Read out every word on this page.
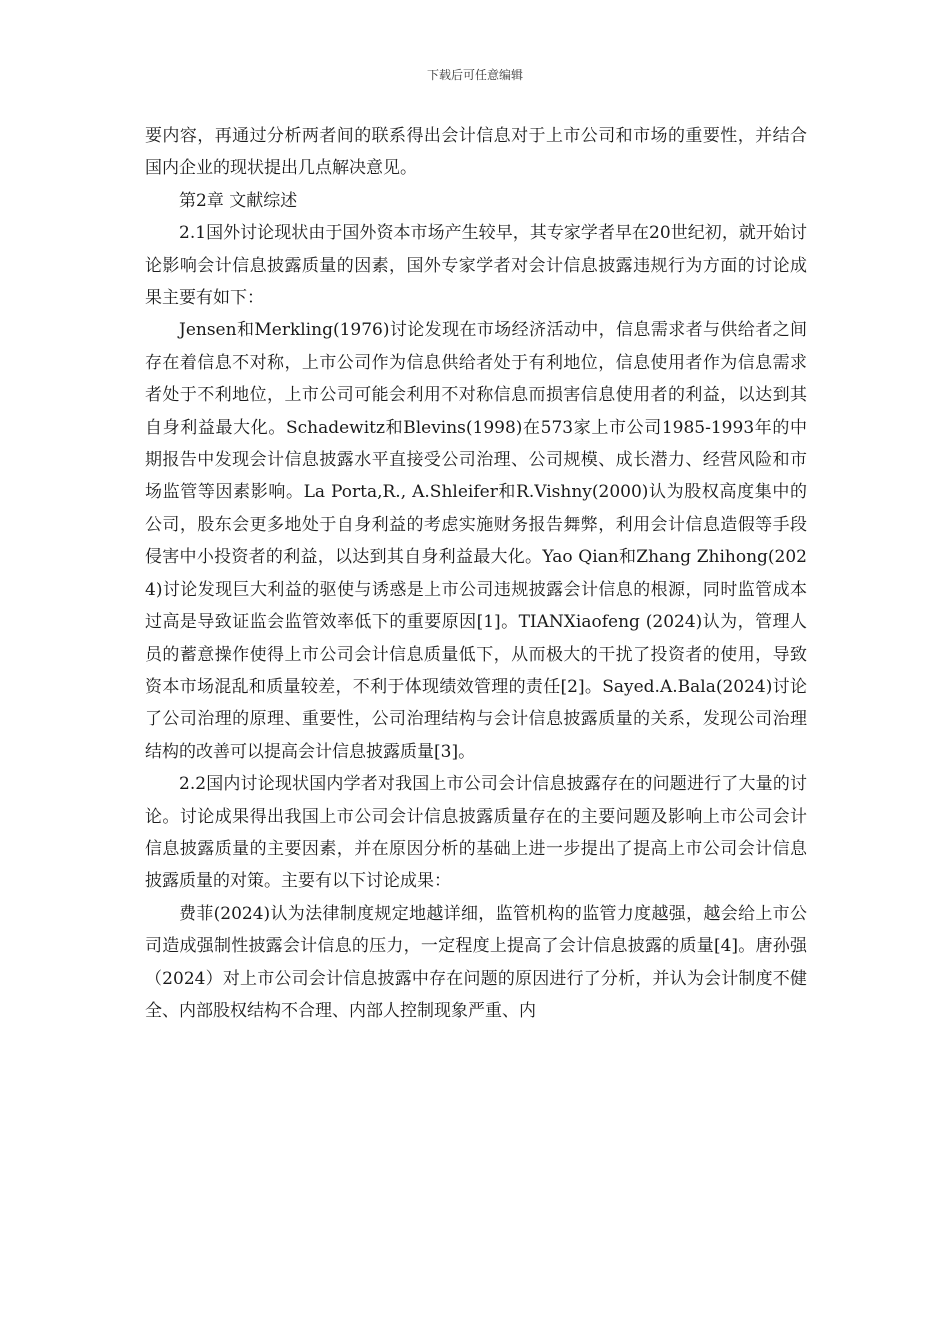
下载后可任意编辑

要内容，再通过分析两者间的联系得出会计信息对于上市公司和市场的重要性，并结合国内企业的现状提出几点解决意见。

第2章 文献综述

2.1国外讨论现状由于国外资本市场产生较早，其专家学者早在20世纪初，就开始讨论影响会计信息披露质量的因素，国外专家学者对会计信息披露违规行为方面的讨论成果主要有如下：

Jensen和Merkling(1976)讨论发现在市场经济活动中，信息需求者与供给者之间存在着信息不对称，上市公司作为信息供给者处于有利地位，信息使用者作为信息需求者处于不利地位，上市公司可能会利用不对称信息而损害信息使用者的利益，以达到其自身利益最大化。Schadewitz和Blevins(1998)在573家上市公司1985-1993年的中期报告中发现会计信息披露水平直接受公司治理、公司规模、成长潜力、经营风险和市场监管等因素影响。La Porta,R., A.Shleifer和R.Vishny(2000)认为股权高度集中的公司，股东会更多地处于自身利益的考虑实施财务报告舞弊，利用会计信息造假等手段侵害中小投资者的利益，以达到其自身利益最大化。Yao Qian和Zhang Zhihong(2024)讨论发现巨大利益的驱使与诱惑是上市公司违规披露会计信息的根源，同时监管成本过高是导致证监会监管效率低下的重要原因[1]。TIANXiaofeng (2024)认为，管理人员的蓄意操作使得上市公司会计信息质量低下，从而极大的干扰了投资者的使用，导致资本市场混乱和质量较差，不利于体现绩效管理的责任[2]。Sayed.A.Bala(2024)讨论了公司治理的原理、重要性，公司治理结构与会计信息披露质量的关系，发现公司治理结构的改善可以提高会计信息披露质量[3]。

2.2国内讨论现状国内学者对我国上市公司会计信息披露存在的问题进行了大量的讨论。讨论成果得出我国上市公司会计信息披露质量存在的主要问题及影响上市公司会计信息披露质量的主要因素，并在原因分析的基础上进一步提出了提高上市公司会计信息披露质量的对策。主要有以下讨论成果：

费菲(2024)认为法律制度规定地越详细，监管机构的监管力度越强，越会给上市公司造成强制性披露会计信息的压力，一定程度上提高了会计信息披露的质量[4]。唐孙强（2024）对上市公司会计信息披露中存在问题的原因进行了分析，并认为会计制度不健全、内部股权结构不合理、内部人控制现象严重、内
